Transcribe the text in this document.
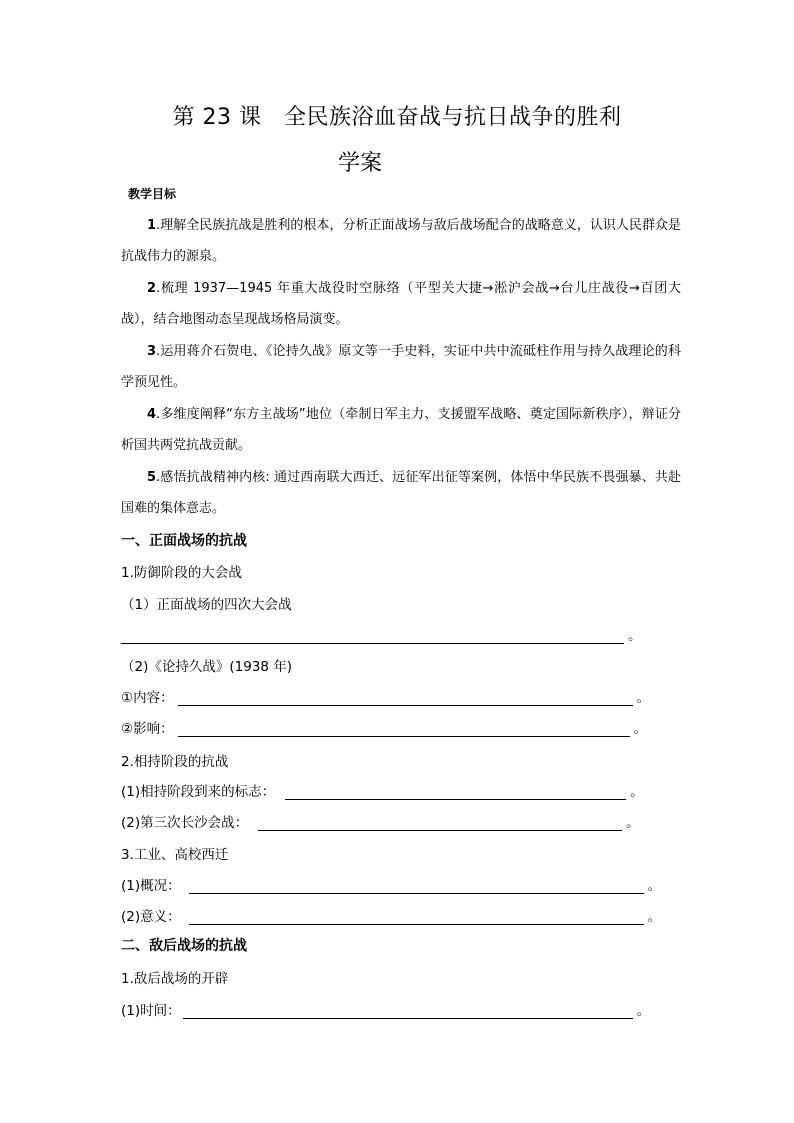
第 23 课　全民族浴血奋战与抗日战争的胜利
学案
教学目标
1.理解全民族抗战是胜利的根本，分析正面战场与敌后战场配合的战略意义，认识人民群众是抗战伟力的源泉。
2.梳理 1937—1945 年重大战役时空脉络（平型关大捷→淞沪会战→台儿庄战役→百团大战），结合地图动态呈现战场格局演变。
3.运用蒋介石贺电、《论持久战》原文等一手史料，实证中共中流砥柱作用与持久战理论的科学预见性。
4.多维度阐释“东方主战场”地位（牵制日军主力、支援盟军战略、奠定国际新秩序），辩证分析国共两党抗战贡献。
5.感悟抗战精神内核: 通过西南联大西迁、远征军出征等案例，体悟中华民族不畏强暴、共赴国难的集体意志。
一、正面战场的抗战
1.防御阶段的大会战
（1）正面战场的四次大会战
。
（2)《论持久战》(1938 年)
①内容：	。
②影响：	。
2.相持阶段的抗战
(1)相持阶段到来的标志：	。
(2)第三次长沙会战：	。
3.工业、高校西迁
(1)概况：	。
(2)意义：	。
二、敌后战场的抗战
1.敌后战场的开辟
(1)时间：	。
